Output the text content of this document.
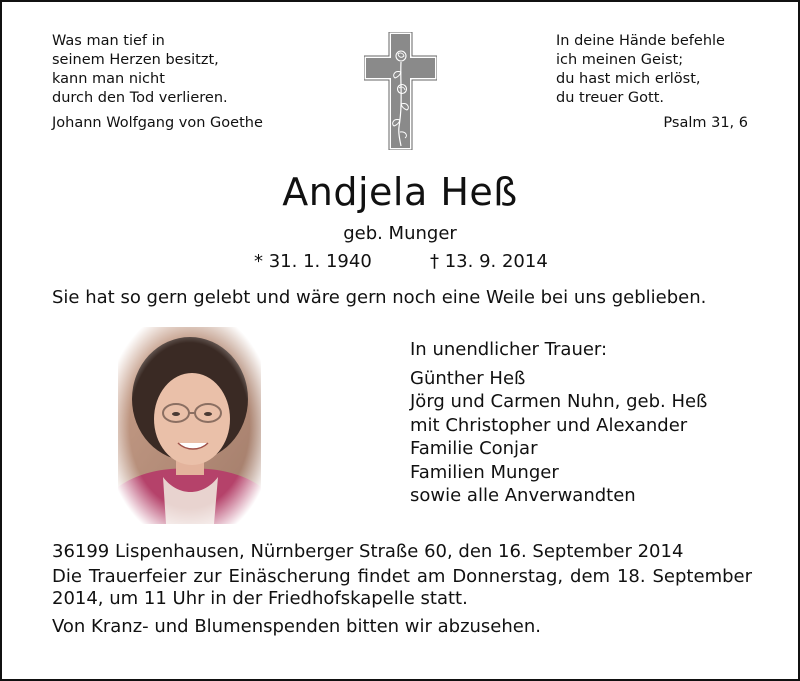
Was man tief in
seinem Herzen besitzt,
kann man nicht
durch den Tod verlieren.
Johann Wolfgang von Goethe
In deine Hände befehle
ich meinen Geist;
du hast mich erlöst,
du treuer Gott.
Psalm 31, 6
Andjela Heß
geb. Munger
* 31. 1. 1940	† 13. 9. 2014
Sie hat so gern gelebt und wäre gern noch eine Weile bei uns geblieben.
In unendlicher Trauer:
Günther Heß
Jörg und Carmen Nuhn, geb. Heß
mit Christopher und Alexander
Familie Conjar
Familien Munger
sowie alle Anverwandten

36199 Lispenhausen, Nürnberger Straße 60, den 16. September 2014

Die Trauerfeier zur Einäscherung findet am Donnerstag, dem 18. September 2014, um 11 Uhr in der Friedhofskapelle statt.

Von Kranz- und Blumenspenden bitten wir abzusehen.
